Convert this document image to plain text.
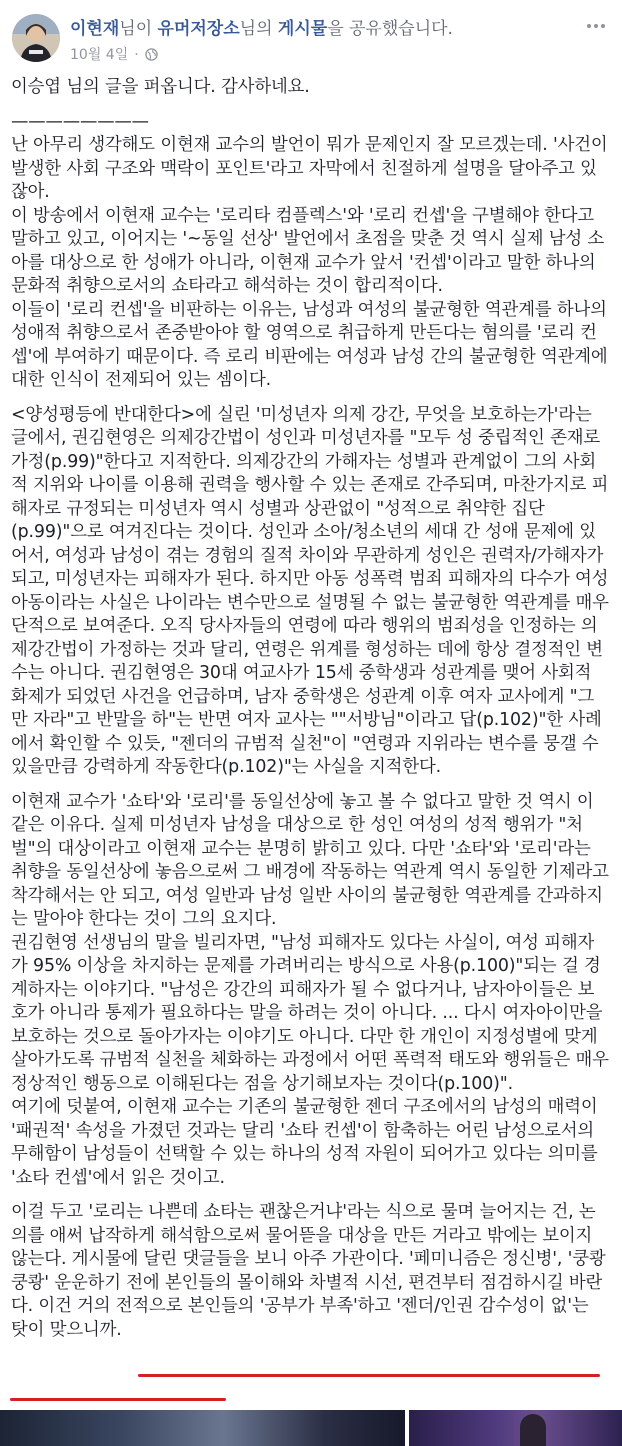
이현재님이 유머저장소님의 게시물을 공유했습니다.
10월 4일 ·

이승엽 님의 글을 퍼옵니다. 감사하네요.

————————

난 아무리 생각해도 이현재 교수의 발언이 뭐가 문제인지 잘 모르겠는데. '사건이 발생한 사회 구조와 맥락이 포인트'라고 자막에서 친절하게 설명을 달아주고 있잖아.

이 방송에서 이현재 교수는 '로리타 컴플렉스'와 '로리 컨셉'을 구별해야 한다고 말하고 있고, 이어지는 '~동일 선상' 발언에서 초점을 맞춘 것 역시 실제 남성 소아를 대상으로 한 성애가 아니라, 이현재 교수가 앞서 '컨셉'이라고 말한 하나의 문화적 취향으로서의 쇼타라고 해석하는 것이 합리적이다.

이들이 '로리 컨셉'을 비판하는 이유는, 남성과 여성의 불균형한 역관계를 하나의 성애적 취향으로서 존중받아야 할 영역으로 취급하게 만든다는 혐의를 '로리 컨셉'에 부여하기 때문이다. 즉 로리 비판에는 여성과 남성 간의 불균형한 역관계에 대한 인식이 전제되어 있는 셈이다.

<양성평등에 반대한다>에 실린 '미성년자 의제 강간, 무엇을 보호하는가'라는 글에서, 권김현영은 의제강간법이 성인과 미성년자를 "모두 성 중립적인 존재로 가정(p.99)"한다고 지적한다. 의제강간의 가해자는 성별과 관계없이 그의 사회적 지위와 나이를 이용해 권력을 행사할 수 있는 존재로 간주되며, 마찬가지로 피해자로 규정되는 미성년자 역시 성별과 상관없이 "성적으로 취약한 집단(p.99)"으로 여겨진다는 것이다. 성인과 소아/청소년의 세대 간 성애 문제에 있어서, 여성과 남성이 겪는 경험의 질적 차이와 무관하게 성인은 권력자/가해자가 되고, 미성년자는 피해자가 된다. 하지만 아동 성폭력 범죄 피해자의 다수가 여성 아동이라는 사실은 나이라는 변수만으로 설명될 수 없는 불균형한 역관계를 매우 단적으로 보여준다. 오직 당사자들의 연령에 따라 행위의 범죄성을 인정하는 의제강간법이 가정하는 것과 달리, 연령은 위계를 형성하는 데에 항상 결정적인 변수는 아니다. 권김현영은 30대 여교사가 15세 중학생과 성관계를 맺어 사회적 화제가 되었던 사건을 언급하며, 남자 중학생은 성관계 이후 여자 교사에게 "그만 자라"고 반말을 하"는 반면 여자 교사는 ""서방님"이라고 답(p.102)"한 사례에서 확인할 수 있듯, "젠더의 규범적 실천"이 "연령과 지위라는 변수를 뭉갤 수 있을만큼 강력하게 작동한다(p.102)"는 사실을 지적한다.

이현재 교수가 '쇼타'와 '로리'를 동일선상에 놓고 볼 수 없다고 말한 것 역시 이 같은 이유다. 실제 미성년자 남성을 대상으로 한 성인 여성의 성적 행위가 "처벌"의 대상이라고 이현재 교수는 분명히 밝히고 있다. 다만 '쇼타'와 '로리'라는 취향을 동일선상에 놓음으로써 그 배경에 작동하는 역관계 역시 동일한 기제라고 착각해서는 안 되고, 여성 일반과 남성 일반 사이의 불균형한 역관계를 간과하지는 말아야 한다는 것이 그의 요지다.

권김현영 선생님의 말을 빌리자면, "남성 피해자도 있다는 사실이, 여성 피해자가 95% 이상을 차지하는 문제를 가려버리는 방식으로 사용(p.100)"되는 걸 경계하자는 이야기다. "남성은 강간의 피해자가 될 수 없다거나, 남자아이들은 보호가 아니라 통제가 필요하다는 말을 하려는 것이 아니다. ... 다시 여자아이만을 보호하는 것으로 돌아가자는 이야기도 아니다. 다만 한 개인이 지정성별에 맞게 살아가도록 규범적 실천을 체화하는 과정에서 어떤 폭력적 태도와 행위들은 매우 정상적인 행동으로 이해된다는 점을 상기해보자는 것이다(p.100)".

여기에 덧붙여, 이현재 교수는 기존의 불균형한 젠더 구조에서의 남성의 매력이 '패권적' 속성을 가졌던 것과는 달리 '쇼타 컨셉'이 함축하는 어린 남성으로서의 무해함이 남성들이 선택할 수 있는 하나의 성적 자원이 되어가고 있다는 의미를 '쇼타 컨셉'에서 읽은 것이고.

이걸 두고 '로리는 나쁜데 쇼타는 괜찮은거냐'라는 식으로 물며 늘어지는 건, 논의를 애써 납작하게 해석함으로써 물어뜯을 대상을 만든 거라고 밖에는 보이지 않는다. 게시물에 달린 댓글들을 보니 아주 가관이다. '페미니즘은 정신병', '쿵쾅쿵쾅' 운운하기 전에 본인들의 몰이해와 차별적 시선, 편견부터 점검하시길 바란다. 이건 거의 전적으로 본인들의 '공부가 부족'하고 '젠더/인권 감수성이 없'는 탓이 맞으니까.
